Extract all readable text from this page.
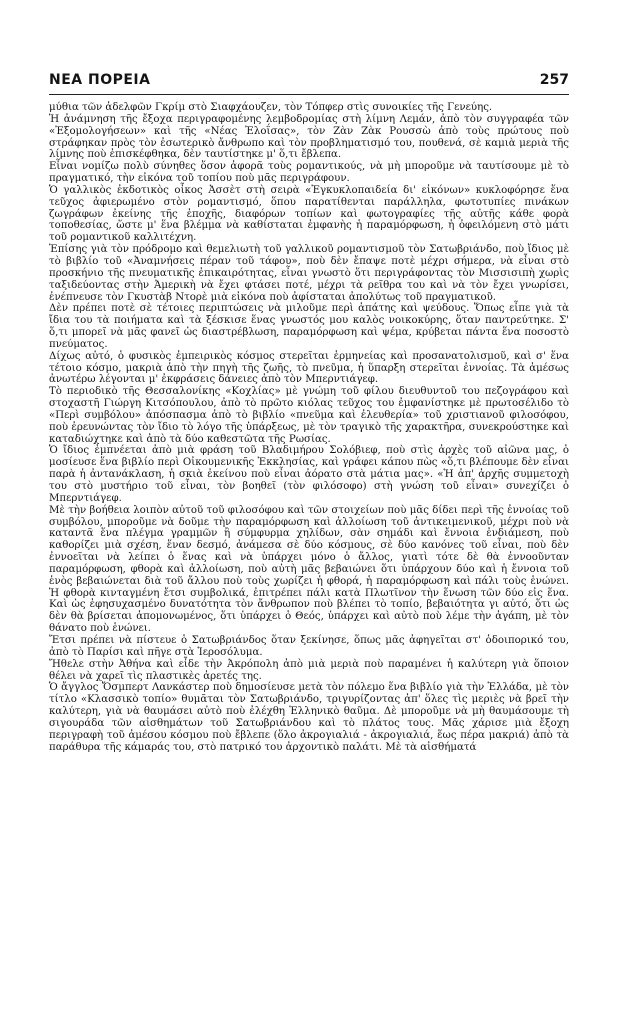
ΝΕΑ ΠΟΡΕΙΑ	257

μύθια τῶν ἀδελφῶν Γκρίμ στὸ Σιαφχάουζεν, τὸν Τόπφερ στὶς συνοικίες τῆς Γενεύης.

Ἡ ἀνάμνηση τῆς ἔξοχα περιγραφομένης λεμβοδρομίας στὴ λίμνη Λεμάν, ἀπὸ τὸν συγγραφέα τῶν «Ἐξομολογήσεων» καὶ τῆς «Νέας Ἐλοΐσας», τὸν Ζὰν Ζὰκ Ρουσσὼ ἀπὸ τοὺς πρώτους ποὺ στράφηκαν πρὸς τὸν ἐσωτερικὸ ἄνθρωπο καὶ τὸν προβληματισμό του, πουθενά, σὲ καμιὰ μεριὰ τῆς λίμνης ποὺ ἐπισκέφθηκα, δὲν ταυτίστηκε μ' ὅ,τι ἔβλεπα.

Εἶναι νομίζω πολὺ σύνηθες ὅσον ἀφορᾶ τοὺς ρομαντικούς, νὰ μὴ μποροῦμε νὰ ταυτίσουμε μὲ τὸ πραγματικό, τὴν εἰκόνα τοῦ τοπίου ποὺ μᾶς περιγράφουν.

Ὁ γαλλικὸς ἐκδοτικὸς οἶκος Ἀσσὲτ στὴ σειρὰ «Ἐγκυκλοπαιδεία δι' εἰκόνων» κυκλοφόρησε ἕνα τεῦχος ἀφιερωμένο στὸν ρομαντισμό, ὅπου παρατίθενται παράλληλα, φωτοτυπίες πινάκων ζωγράφων ἐκείνης τῆς ἐποχῆς, διαφόρων τοπίων καὶ φωτογραφίες τῆς αὐτῆς κάθε φορὰ τοποθεσίας, ὥστε μ' ἕνα βλέμμα νὰ καθίσταται ἐμφανὴς ἡ παραμόρφωση, ἡ ὀφειλόμενη στὸ μάτι τοῦ ρομαντικοῦ καλλιτέχνη.

Ἐπίσης γιὰ τὸν πρόδρομο καὶ θεμελιωτὴ τοῦ γαλλικοῦ ρομαντισμοῦ τὸν Σατωβριάνδο, ποὺ ἴδιος μὲ τὸ βιβλίο τοῦ «Ἀναμνήσεις πέραν τοῦ τάφου», ποὺ δὲν ἔπαψε ποτὲ μέχρι σήμερα, νὰ εἶναι στὸ προσκήνιο τῆς πνευματικῆς ἐπικαιρότητας, εἶναι γνωστὸ ὅτι περιγράφοντας τὸν Μισσισιπὴ χωρὶς ταξιδεύοντας στὴν Ἀμερικὴ νὰ ἔχει φτάσει ποτέ, μέχρι τὰ ρεῖθρα του καὶ νὰ τὸν ἔχει γνωρίσει, ἐνέπνευσε τὸν Γκυστὰβ Ντορὲ μιὰ εἰκόνα ποὺ ἀφίσταται ἀπολύτως τοῦ πραγματικοῦ.

Δὲν πρέπει ποτὲ σὲ τέτοιες περιπτώσεις νὰ μιλοῦμε περὶ ἀπάτης καὶ ψεύδους. Ὅπως εἶπε γιὰ τὰ ἴδια του τὰ ποιήματα καὶ τὰ ξέσκισε ἕνας γνωστός μου καλὸς νοικοκύρης, ὅταν παντρεύτηκε. Σ' ὅ,τι μπορεῖ νὰ μᾶς φανεῖ ὡς διαστρέβλωση, παραμόρφωση καὶ ψέμα, κρύβεται πάντα ἕνα ποσοστὸ πνεύματος.

Δίχως αὐτό, ὁ φυσικὸς ἐμπειρικὸς κόσμος στερεῖται ἑρμηνείας καὶ προσανατολισμοῦ, καὶ σ' ἕνα τέτοιο κόσμο, μακριὰ ἀπὸ τὴν πηγὴ τῆς ζωῆς, τὸ πνεῦμα, ἡ ὕπαρξη στερεῖται ἐννοίας. Τὰ ἀμέσως ἀνωτέρω λέγονται μ' ἐκφράσεις δάνειες ἀπὸ τὸν Μπερντιάγεφ.

Τὸ περιοδικὸ τῆς Θεσσαλονίκης «Κοχλίας» μὲ γνώμη τοῦ φίλου διευθυντοῦ του πεζογράφου καὶ στοχαστῆ Γιώργη Κιτσόπουλου, ἀπὸ τὸ πρῶτο κιόλας τεῦχος του ἐμφανίστηκε μὲ πρωτοσέλιδο τὸ «Περὶ συμβόλου» ἀπόσπασμα ἀπὸ τὸ βιβλίο «πνεῦμα καὶ ἐλευθερία» τοῦ χριστιανοῦ φιλοσόφου, ποὺ ἐρευνώντας τὸν ἴδιο τὸ λόγο τῆς ὑπάρξεως, μὲ τὸν τραγικὸ τῆς χαρακτῆρα, συνεκρούστηκε καὶ καταδιώχτηκε καὶ ἀπὸ τὰ δύο καθεστῶτα τῆς Ρωσίας.

Ὁ ἴδιος ἐμπνέεται ἀπὸ μιὰ φράση τοῦ Βλαδιμήρου Σολόβιεφ, ποὺ στὶς ἀρχὲς τοῦ αἰῶνα μας, ὁ μοσίευσε ἕνα βιβλίο περὶ Οἰκουμενικῆς Ἐκκλησίας, καὶ γράφει κάπου πὼς «ὅ,τι βλέπουμε δὲν εἶναι παρὰ ἡ ἀντανάκλαση, ἡ σκιὰ ἐκείνου ποὺ εἶναι ἀόρατο στὰ μάτια μας». «Ἡ ἀπ' ἀρχῆς συμμετοχὴ του στὸ μυστήριο τοῦ εἶναι, τὸν βοηθεῖ (τὸν φιλόσοφο) στὴ γνώση τοῦ εἶναι» συνεχίζει ὁ Μπερντιάγεφ.

Μὲ τὴν βοήθεια λοιπὸν αὐτοῦ τοῦ φιλοσόφου καὶ τῶν στοιχείων ποὺ μᾶς δίδει περὶ τῆς ἐννοίας τοῦ συμβόλου, μποροῦμε νὰ δοῦμε τὴν παραμόρφωση καὶ ἀλλοίωση τοῦ ἀντικειμενικοῦ, μέχρι ποὺ νὰ καταντᾶ ἕνα πλέγμα γραμμῶν ἢ σύμφυρμα χηλίδων, σὰν σημάδι καὶ ἔννοια ἐνδιάμεση, ποὺ καθορίζει μιὰ σχέση, ἕναν δεσμό, ἀνάμεσα σὲ δύο κόσμους, σὲ δύο κανόνες τοῦ εἶναι, ποὺ δὲν ἐννοεῖται νὰ λείπει ὁ ἕνας καὶ νὰ ὑπάρχει μόνο ὁ ἄλλος, γιατὶ τότε δὲ θὰ ἐννοοῦνταν παραμόρφωση, φθορὰ καὶ ἀλλοίωση, ποὺ αὐτὴ μᾶς βεβαιώνει ὅτι ὑπάρχουν δύο καὶ ἡ ἔννοια τοῦ ἑνὸς βεβαιώνεται διὰ τοῦ ἄλλου ποὺ τοὺς χωρίζει ἡ φθορά, ἡ παραμόρφωση καὶ πάλι τοὺς ἑνώνει. Ἡ φθορὰ κινταγμένη ἔτσι συμβολικά, ἐπιτρέπει πάλι κατὰ Πλωτῖνον τὴν ἕνωση τῶν δύο εἰς ἕνα. Καὶ ὡς ἐφησυχασμένο δυνατότητα τὸν ἄνθρωπον ποὺ βλέπει τὸ τοπίο, βεβαιότητα γι αὐτό, ὅτι ὡς δὲν θὰ βρίσεται ἀπομονωμένος, ὅτι ὑπάρχει ὁ Θεός, ὑπάρχει καὶ αὐτὸ ποὺ λέμε τὴν ἀγάπη, μὲ τὸν θάνατο ποὺ ἑνώνει.

Ἔτσι πρέπει νὰ πίστευε ὁ Σατωβριάνδος ὅταν ξεκίνησε, ὅπως μᾶς ἀφηγεῖται στ' ὁδοιπορικό του, ἀπὸ τὸ Παρίσι καὶ πῆγε στὰ Ἱεροσόλυμα.

Ἤθελε στὴν Ἀθήνα καὶ εἶδε τὴν Ἀκρόπολη ἀπὸ μιὰ μεριὰ ποὺ παραμένει ἡ καλύτερη γιὰ ὅποιον θέλει νὰ χαρεῖ τὶς πλαστικὲς ἀρετές της.

Ὁ ἄγγλος Ὄσμπερτ Λανκάστερ ποὺ δημοσίευσε μετὰ τὸν πόλεμο ἕνα βιβλίο γιὰ τὴν Ἑλλάδα, μὲ τὸν τίτλο «Κλασσικὸ τοπίο» θυμᾶται τὸν Σατωβριάνδο, τριγυρίζοντας ἀπ' ὅλες τὶς μεριὲς νὰ βρεῖ τὴν καλύτερη, γιὰ νὰ θαυμάσει αὐτὸ ποὺ ἐλέχθη Ἑλληνικὸ θαῦμα. Δὲ μποροῦμε νὰ μὴ θαυμάσουμε τὴ σιγουράδα τῶν αἰσθημάτων τοῦ Σατωβριάνδου καὶ τὸ πλάτος τους. Μᾶς χάρισε μιὰ ἔξοχη περιγραφὴ τοῦ ἀμέσου κόσμου ποὺ ἔβλεπε (ὅλο ἀκρογιαλιά - ἀκρογιαλιά, ἕως πέρα μακριά) ἀπὸ τὰ παράθυρα τῆς κάμαράς του, στὸ πατρικό του ἀρχοντικὸ παλάτι. Μὲ τὰ αἰσθήματά
